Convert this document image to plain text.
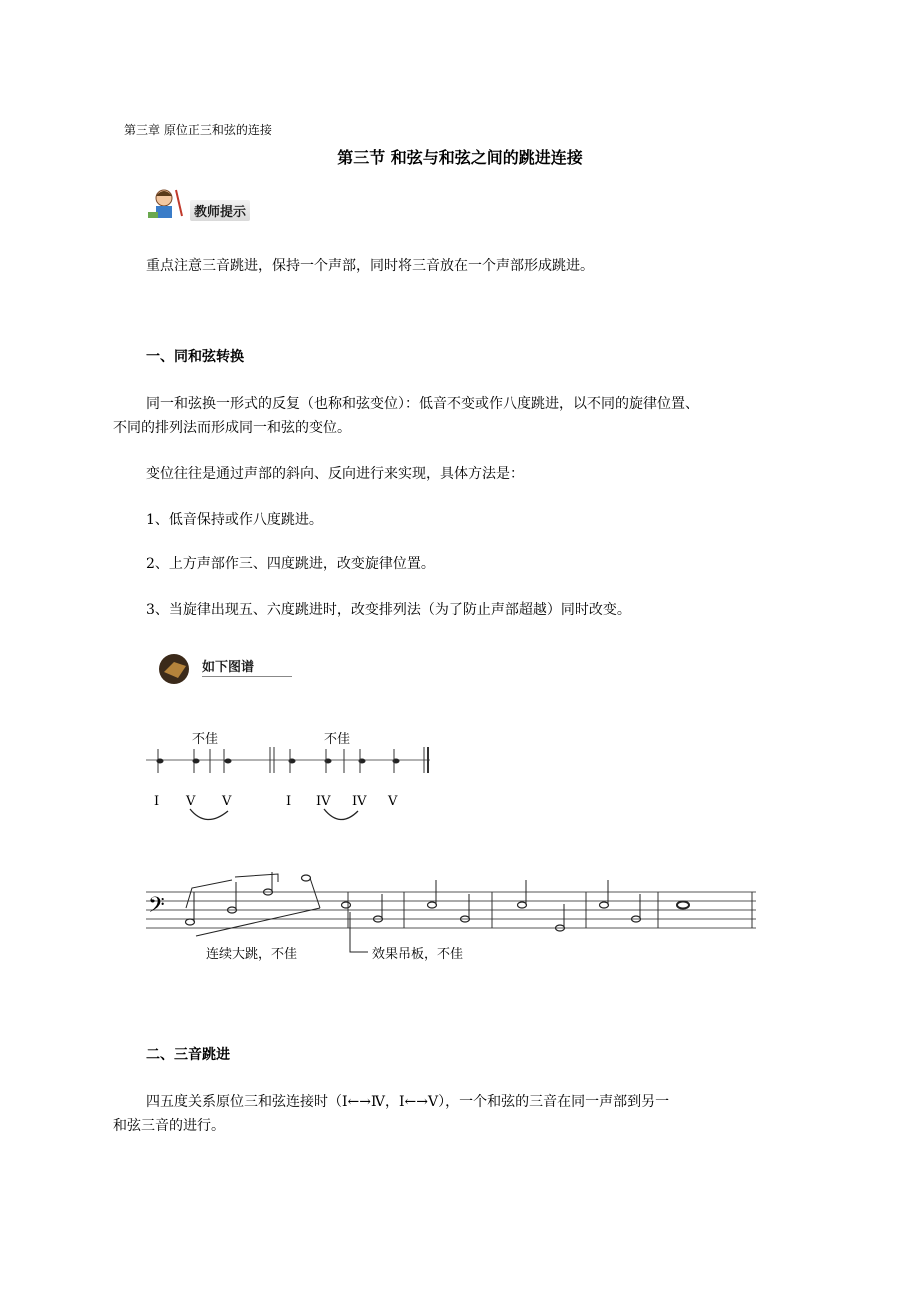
第三章 原位正三和弦的连接
第三节 和弦与和弦之间的跳进连接
教师提示
重点注意三音跳进，保持一个声部，同时将三音放在一个声部形成跳进。
一、同和弦转换
同一和弦换一形式的反复（也称和弦变位）：低音不变或作八度跳进，以不同的旋律位置、
不同的排列法而形成同一和弦的变位。
变位往往是通过声部的斜向、反向进行来实现，具体方法是：
1、低音保持或作八度跳进。
2、上方声部作三、四度跳进，改变旋律位置。
3、当旋律出现五、六度跳进时，改变排列法（为了防止声部超越）同时改变。
如下图谱
不佳	不佳
I V V	I IV IV V
𝄢
连续大跳，不佳	效果吊板，不佳
二、三音跳进
四五度关系原位三和弦连接时（Ⅰ←→Ⅳ，Ⅰ←→Ⅴ），一个和弦的三音在同一声部到另一
和弦三音的进行。
